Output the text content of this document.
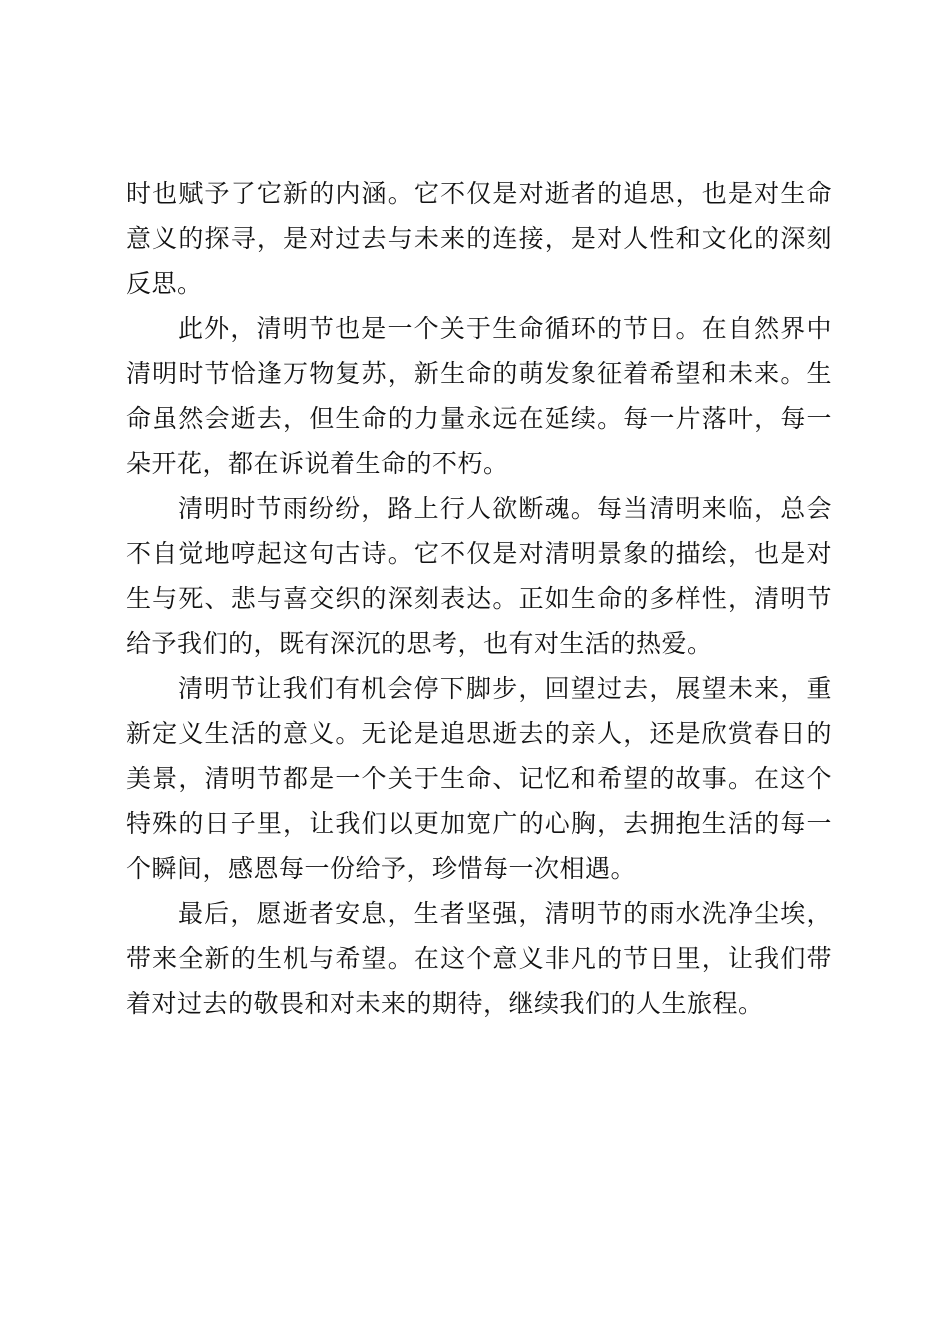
时也赋予了它新的内涵。它不仅是对逝者的追思，也是对生命意义的探寻，是对过去与未来的连接，是对人性和文化的深刻反思。

此外，清明节也是一个关于生命循环的节日。在自然界中清明时节恰逢万物复苏，新生命的萌发象征着希望和未来。生命虽然会逝去，但生命的力量永远在延续。每一片落叶，每一朵开花，都在诉说着生命的不朽。

清明时节雨纷纷，路上行人欲断魂。每当清明来临，总会不自觉地哼起这句古诗。它不仅是对清明景象的描绘，也是对生与死、悲与喜交织的深刻表达。正如生命的多样性，清明节给予我们的，既有深沉的思考，也有对生活的热爱。

清明节让我们有机会停下脚步，回望过去，展望未来，重新定义生活的意义。无论是追思逝去的亲人，还是欣赏春日的美景，清明节都是一个关于生命、记忆和希望的故事。在这个特殊的日子里，让我们以更加宽广的心胸，去拥抱生活的每一个瞬间，感恩每一份给予，珍惜每一次相遇。

最后，愿逝者安息，生者坚强，清明节的雨水洗净尘埃，带来全新的生机与希望。在这个意义非凡的节日里，让我们带着对过去的敬畏和对未来的期待，继续我们的人生旅程。
